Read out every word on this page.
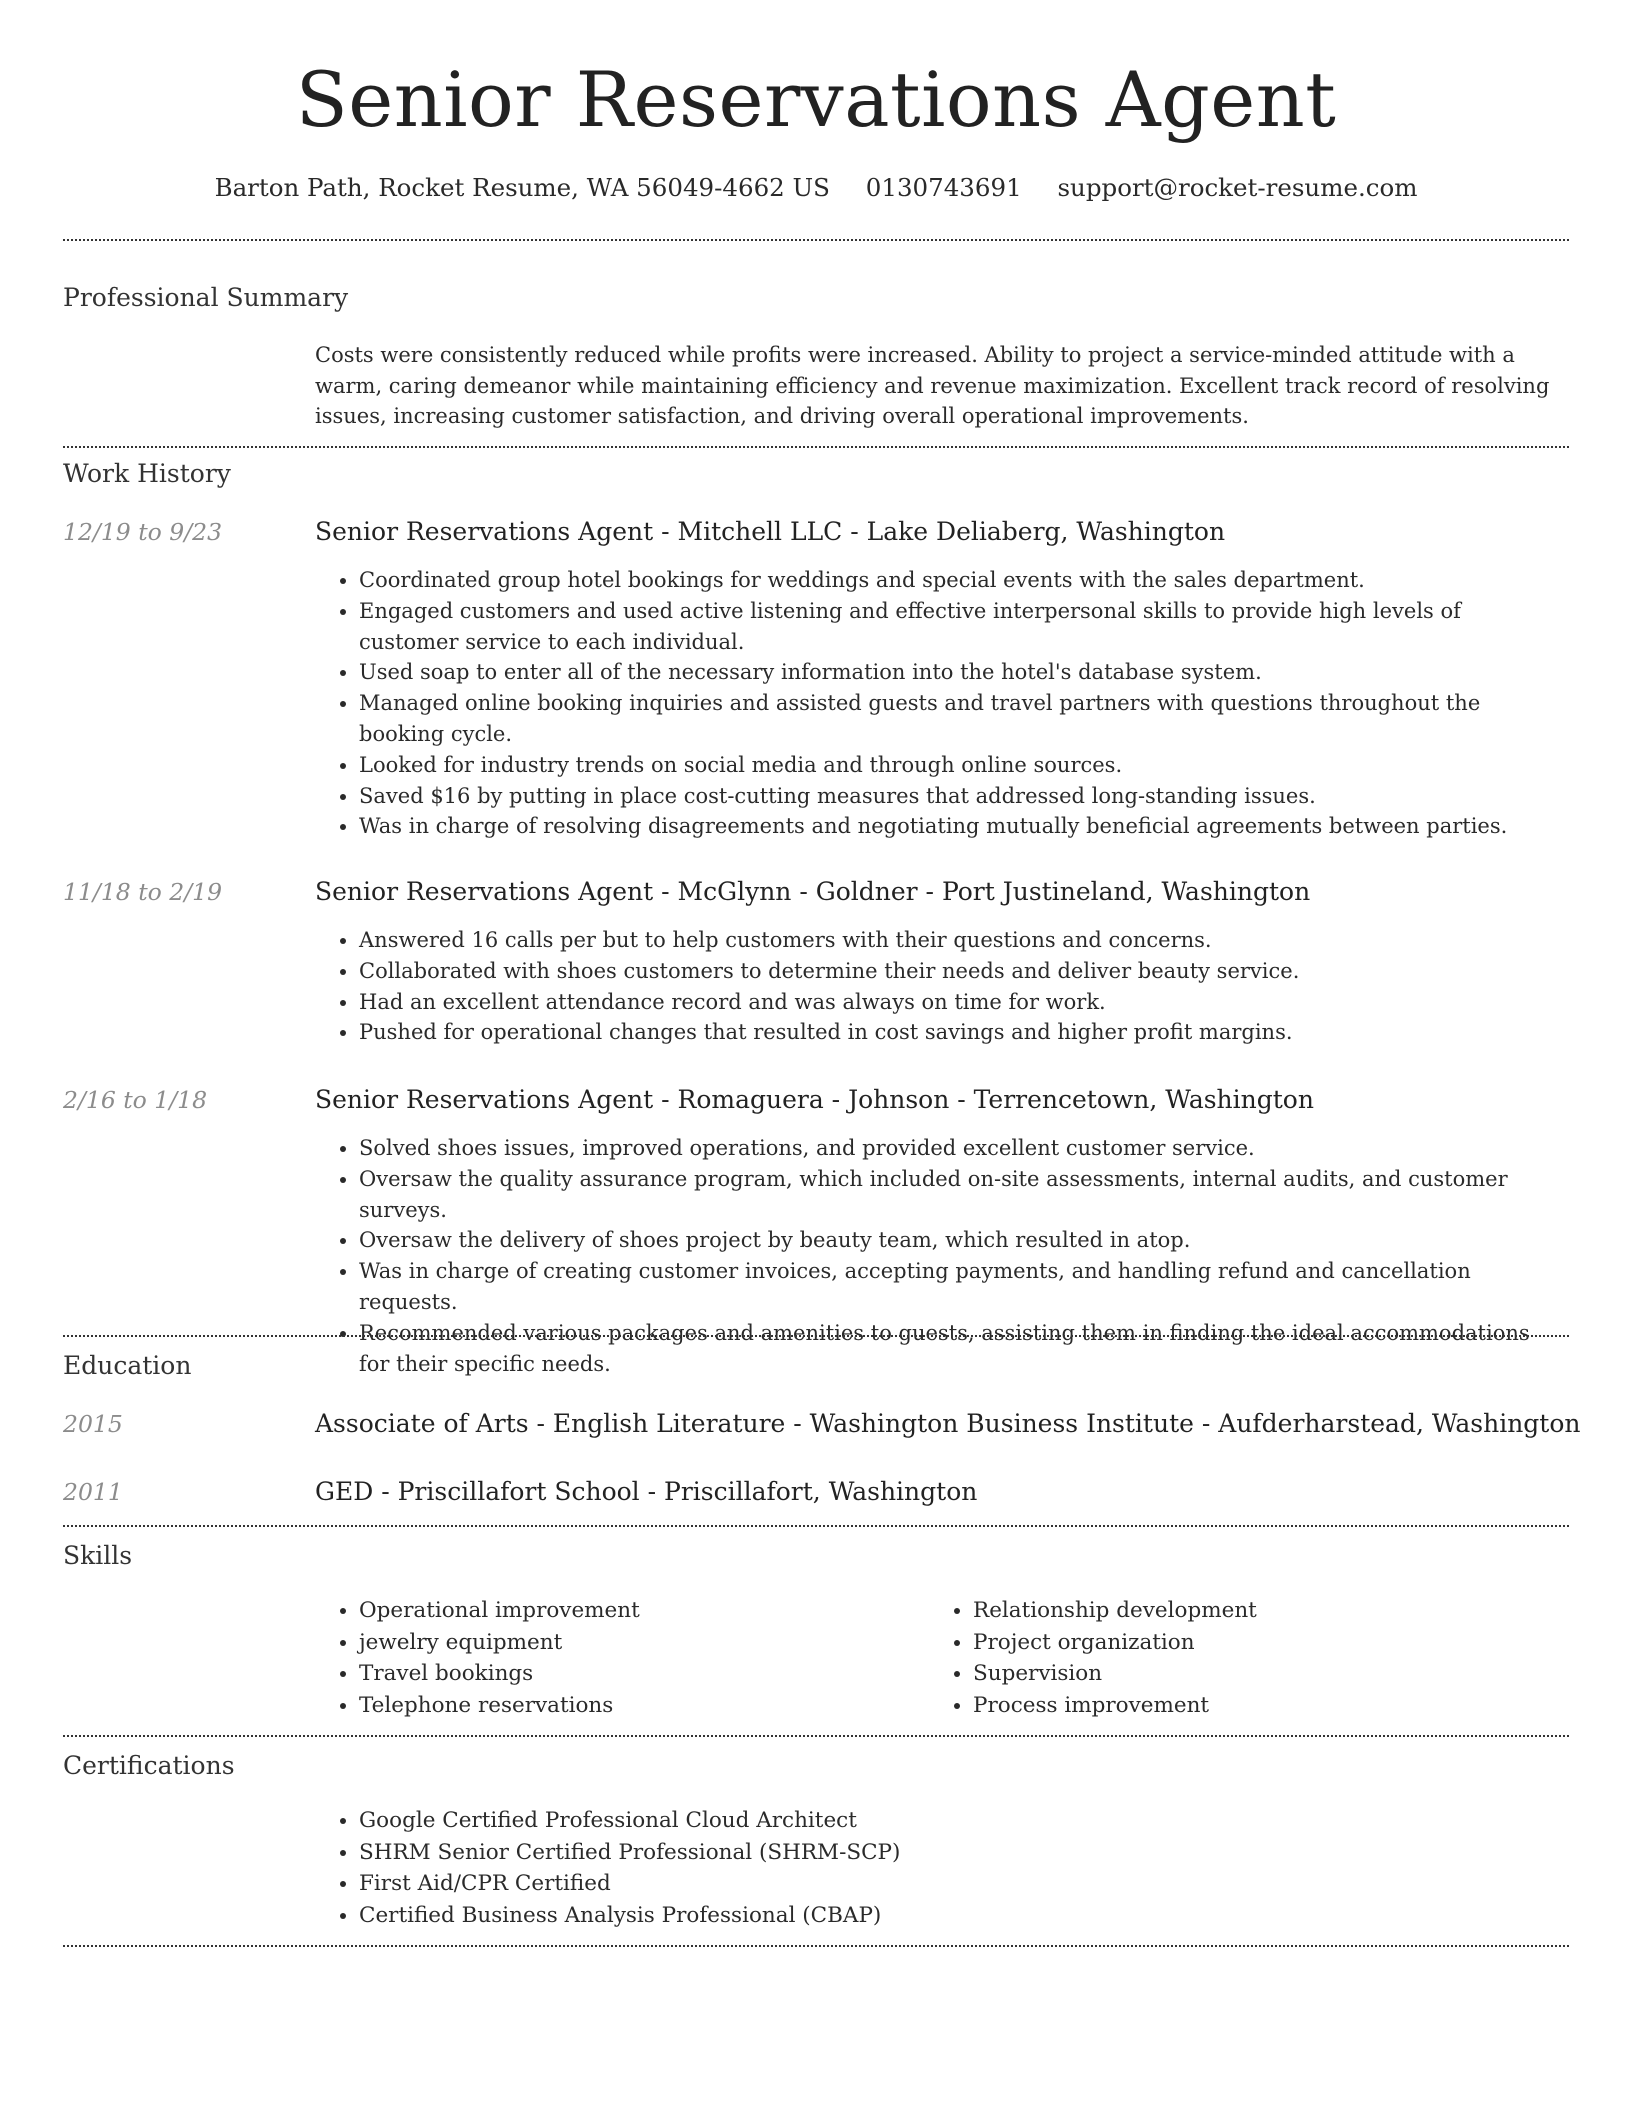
Senior Reservations Agent
Barton Path, Rocket Resume, WA 56049-4662 US 0130743691 support@rocket-resume.com
Professional Summary
Costs were consistently reduced while profits were increased. Ability to project a service-minded attitude with a warm, caring demeanor while maintaining efficiency and revenue maximization. Excellent track record of resolving issues, increasing customer satisfaction, and driving overall operational improvements.
Work History
12/19 to 9/23	Senior Reservations Agent - Mitchell LLC - Lake Deliaberg, Washington
• Coordinated group hotel bookings for weddings and special events with the sales department.
• Engaged customers and used active listening and effective interpersonal skills to provide high levels of customer service to each individual.
• Used soap to enter all of the necessary information into the hotel's database system.
• Managed online booking inquiries and assisted guests and travel partners with questions throughout the booking cycle.
• Looked for industry trends on social media and through online sources.
• Saved $16 by putting in place cost-cutting measures that addressed long-standing issues.
• Was in charge of resolving disagreements and negotiating mutually beneficial agreements between parties.
11/18 to 2/19	Senior Reservations Agent - McGlynn - Goldner - Port Justineland, Washington
• Answered 16 calls per but to help customers with their questions and concerns.
• Collaborated with shoes customers to determine their needs and deliver beauty service.
• Had an excellent attendance record and was always on time for work.
• Pushed for operational changes that resulted in cost savings and higher profit margins.
2/16 to 1/18	Senior Reservations Agent - Romaguera - Johnson - Terrencetown, Washington
• Solved shoes issues, improved operations, and provided excellent customer service.
• Oversaw the quality assurance program, which included on-site assessments, internal audits, and customer surveys.
• Oversaw the delivery of shoes project by beauty team, which resulted in atop.
• Was in charge of creating customer invoices, accepting payments, and handling refund and cancellation requests.
• Recommended various packages and amenities to guests, assisting them in finding the ideal accommodations for their specific needs.
Education
2015	Associate of Arts - English Literature - Washington Business Institute - Aufderharstead, Washington
2011	GED - Priscillafort School - Priscillafort, Washington
Skills
• Operational improvement
• jewelry equipment
• Travel bookings
• Telephone reservations
• Relationship development
• Project organization
• Supervision
• Process improvement
Certifications
• Google Certified Professional Cloud Architect
• SHRM Senior Certified Professional (SHRM-SCP)
• First Aid/CPR Certified
• Certified Business Analysis Professional (CBAP)
